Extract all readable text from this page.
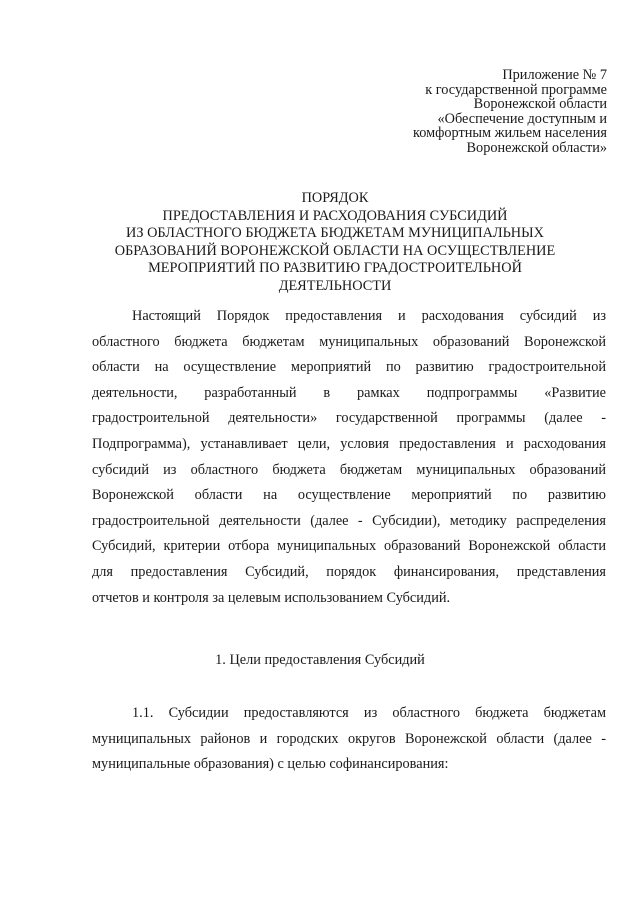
Приложение № 7
к государственной программе
Воронежской области
«Обеспечение доступным и
комфортным жильем населения
Воронежской области»
ПОРЯДОК
ПРЕДОСТАВЛЕНИЯ И РАСХОДОВАНИЯ СУБСИДИЙ
ИЗ ОБЛАСТНОГО БЮДЖЕТА БЮДЖЕТАМ МУНИЦИПАЛЬНЫХ
ОБРАЗОВАНИЙ ВОРОНЕЖСКОЙ ОБЛАСТИ НА ОСУЩЕСТВЛЕНИЕ
МЕРОПРИЯТИЙ ПО РАЗВИТИЮ ГРАДОСТРОИТЕЛЬНОЙ
ДЕЯТЕЛЬНОСТИ
Настоящий Порядок предоставления и расходования субсидий из
областного бюджета бюджетам муниципальных образований Воронежской
области на осуществление мероприятий по развитию градостроительной
деятельности, разработанный в рамках подпрограммы «Развитие
градостроительной деятельности» государственной программы (далее -
Подпрограмма), устанавливает цели, условия предоставления и расходования
субсидий из областного бюджета бюджетам муниципальных образований
Воронежской области на осуществление мероприятий по развитию
градостроительной деятельности (далее - Субсидии), методику распределения
Субсидий, критерии отбора муниципальных образований Воронежской области
для предоставления Субсидий, порядок финансирования, представления
отчетов и контроля за целевым использованием Субсидий.
1. Цели предоставления Субсидий
1.1. Субсидии предоставляются из областного бюджета бюджетам
муниципальных районов и городских округов Воронежской области (далее -
муниципальные образования) с целью софинансирования:
